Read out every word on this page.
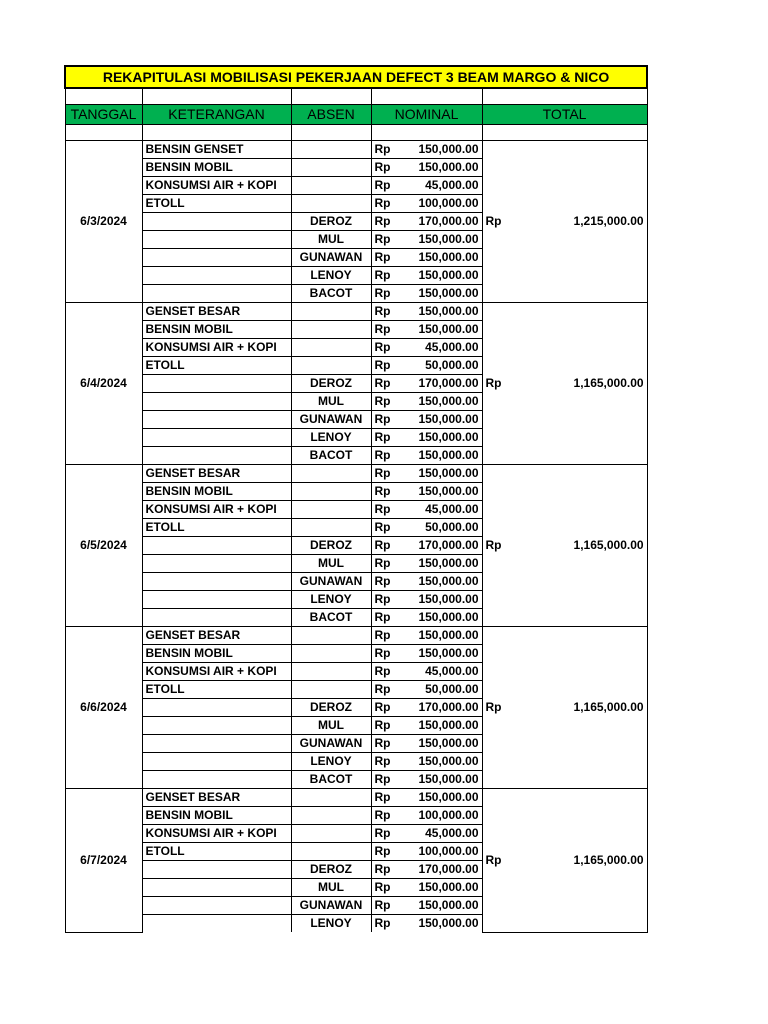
REKAPITULASI MOBILISASI PEKERJAAN DEFECT 3 BEAM MARGO & NICO						

TANGGAL	KETERANGAN	ABSEN	NOMINAL		TOTAL	

6/3/2024	BENSIN GENSET		Rp	150,000.00	Rp	1,215,000.00
	BENSIN MOBIL		Rp	150,000.00		
	KONSUMSI AIR + KOPI		Rp	45,000.00		
	ETOLL		Rp	100,000.00		
		DEROZ	Rp	170,000.00		
		MUL	Rp	150,000.00		
		GUNAWAN	Rp	150,000.00		
		LENOY	Rp	150,000.00		
		BACOT	Rp	150,000.00		
6/4/2024	GENSET BESAR		Rp	150,000.00	Rp	1,165,000.00
	BENSIN MOBIL		Rp	150,000.00		
	KONSUMSI AIR + KOPI		Rp	45,000.00		
	ETOLL		Rp	50,000.00		
		DEROZ	Rp	170,000.00		
		MUL	Rp	150,000.00		
		GUNAWAN	Rp	150,000.00		
		LENOY	Rp	150,000.00		
		BACOT	Rp	150,000.00		
6/5/2024	GENSET BESAR		Rp	150,000.00	Rp	1,165,000.00
	BENSIN MOBIL		Rp	150,000.00		
	KONSUMSI AIR + KOPI		Rp	45,000.00		
	ETOLL		Rp	50,000.00		
		DEROZ	Rp	170,000.00		
		MUL	Rp	150,000.00		
		GUNAWAN	Rp	150,000.00		
		LENOY	Rp	150,000.00		
		BACOT	Rp	150,000.00		
6/6/2024	GENSET BESAR		Rp	150,000.00	Rp	1,165,000.00
	BENSIN MOBIL		Rp	150,000.00		
	KONSUMSI AIR + KOPI		Rp	45,000.00		
	ETOLL		Rp	50,000.00		
		DEROZ	Rp	170,000.00		
		MUL	Rp	150,000.00		
		GUNAWAN	Rp	150,000.00		
		LENOY	Rp	150,000.00		
		BACOT	Rp	150,000.00		
6/7/2024	GENSET BESAR		Rp	150,000.00	Rp	1,165,000.00
	BENSIN MOBIL		Rp	100,000.00		
	KONSUMSI AIR + KOPI		Rp	45,000.00		
	ETOLL		Rp	100,000.00		
		DEROZ	Rp	170,000.00		
		MUL	Rp	150,000.00		
		GUNAWAN	Rp	150,000.00		
		LENOY	Rp	150,000.00		
